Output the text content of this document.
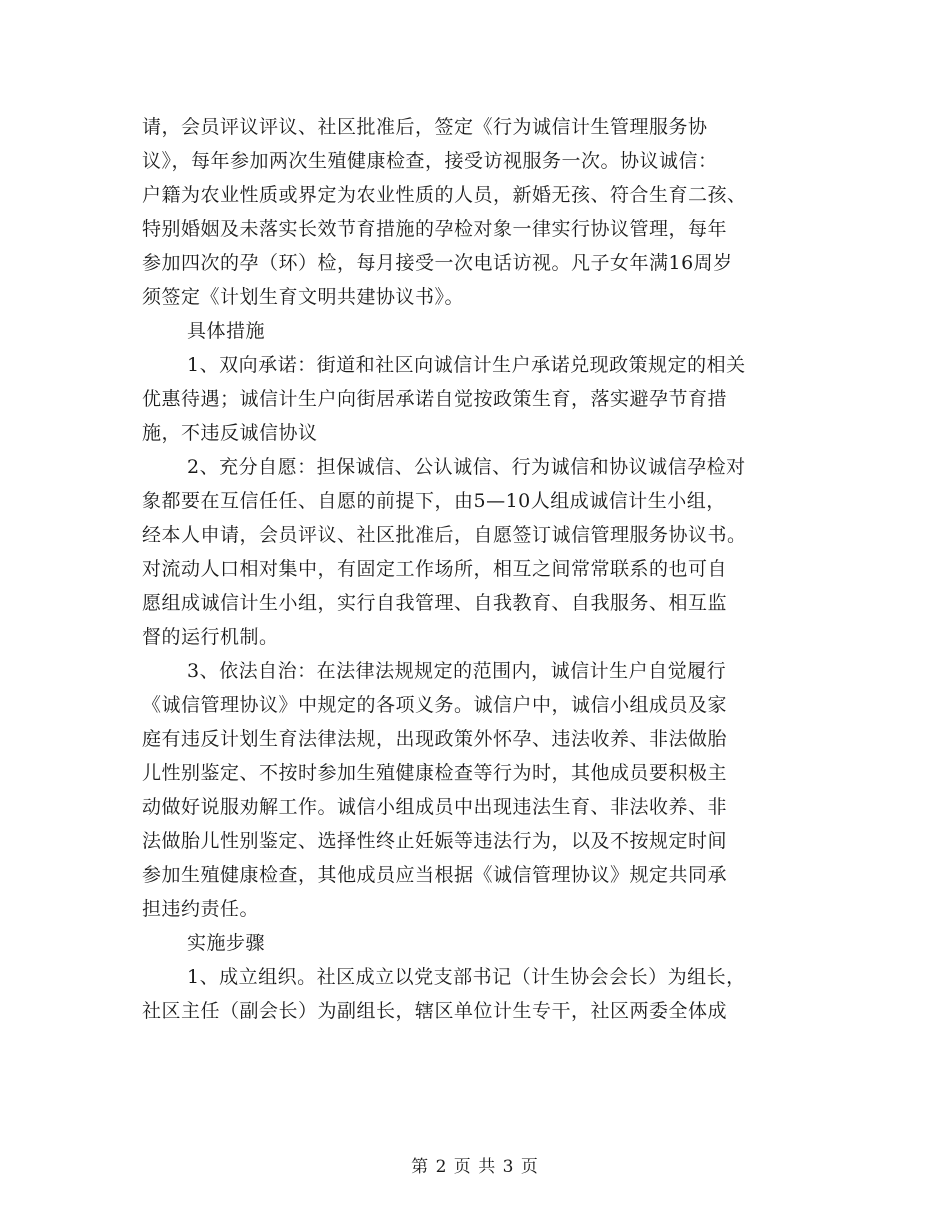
请，会员评议评议、社区批准后，签定《行为诚信计生管理服务协
议》，每年参加两次生殖健康检查，接受访视服务一次。协议诚信：
户籍为农业性质或界定为农业性质的人员，新婚无孩、符合生育二孩、
特别婚姻及未落实长效节育措施的孕检对象一律实行协议管理，每年
参加四次的孕（环）检，每月接受一次电话访视。凡子女年满16周岁
须签定《计划生育文明共建协议书》。
具体措施
1、双向承诺：街道和社区向诚信计生户承诺兑现政策规定的相关
优惠待遇；诚信计生户向街居承诺自觉按政策生育，落实避孕节育措
施，不违反诚信协议
2、充分自愿：担保诚信、公认诚信、行为诚信和协议诚信孕检对
象都要在互信任任、自愿的前提下，由5—10人组成诚信计生小组，
经本人申请，会员评议、社区批准后，自愿签订诚信管理服务协议书。
对流动人口相对集中，有固定工作场所，相互之间常常联系的也可自
愿组成诚信计生小组，实行自我管理、自我教育、自我服务、相互监
督的运行机制。
3、依法自治：在法律法规规定的范围内，诚信计生户自觉履行
《诚信管理协议》中规定的各项义务。诚信户中，诚信小组成员及家
庭有违反计划生育法律法规，出现政策外怀孕、违法收养、非法做胎
儿性别鉴定、不按时参加生殖健康检查等行为时，其他成员要积极主
动做好说服劝解工作。诚信小组成员中出现违法生育、非法收养、非
法做胎儿性别鉴定、选择性终止妊娠等违法行为，以及不按规定时间
参加生殖健康检查，其他成员应当根据《诚信管理协议》规定共同承
担违约责任。
实施步骤
1、成立组织。社区成立以党支部书记（计生协会会长）为组长，
社区主任（副会长）为副组长，辖区单位计生专干，社区两委全体成
第 2 页 共 3 页
